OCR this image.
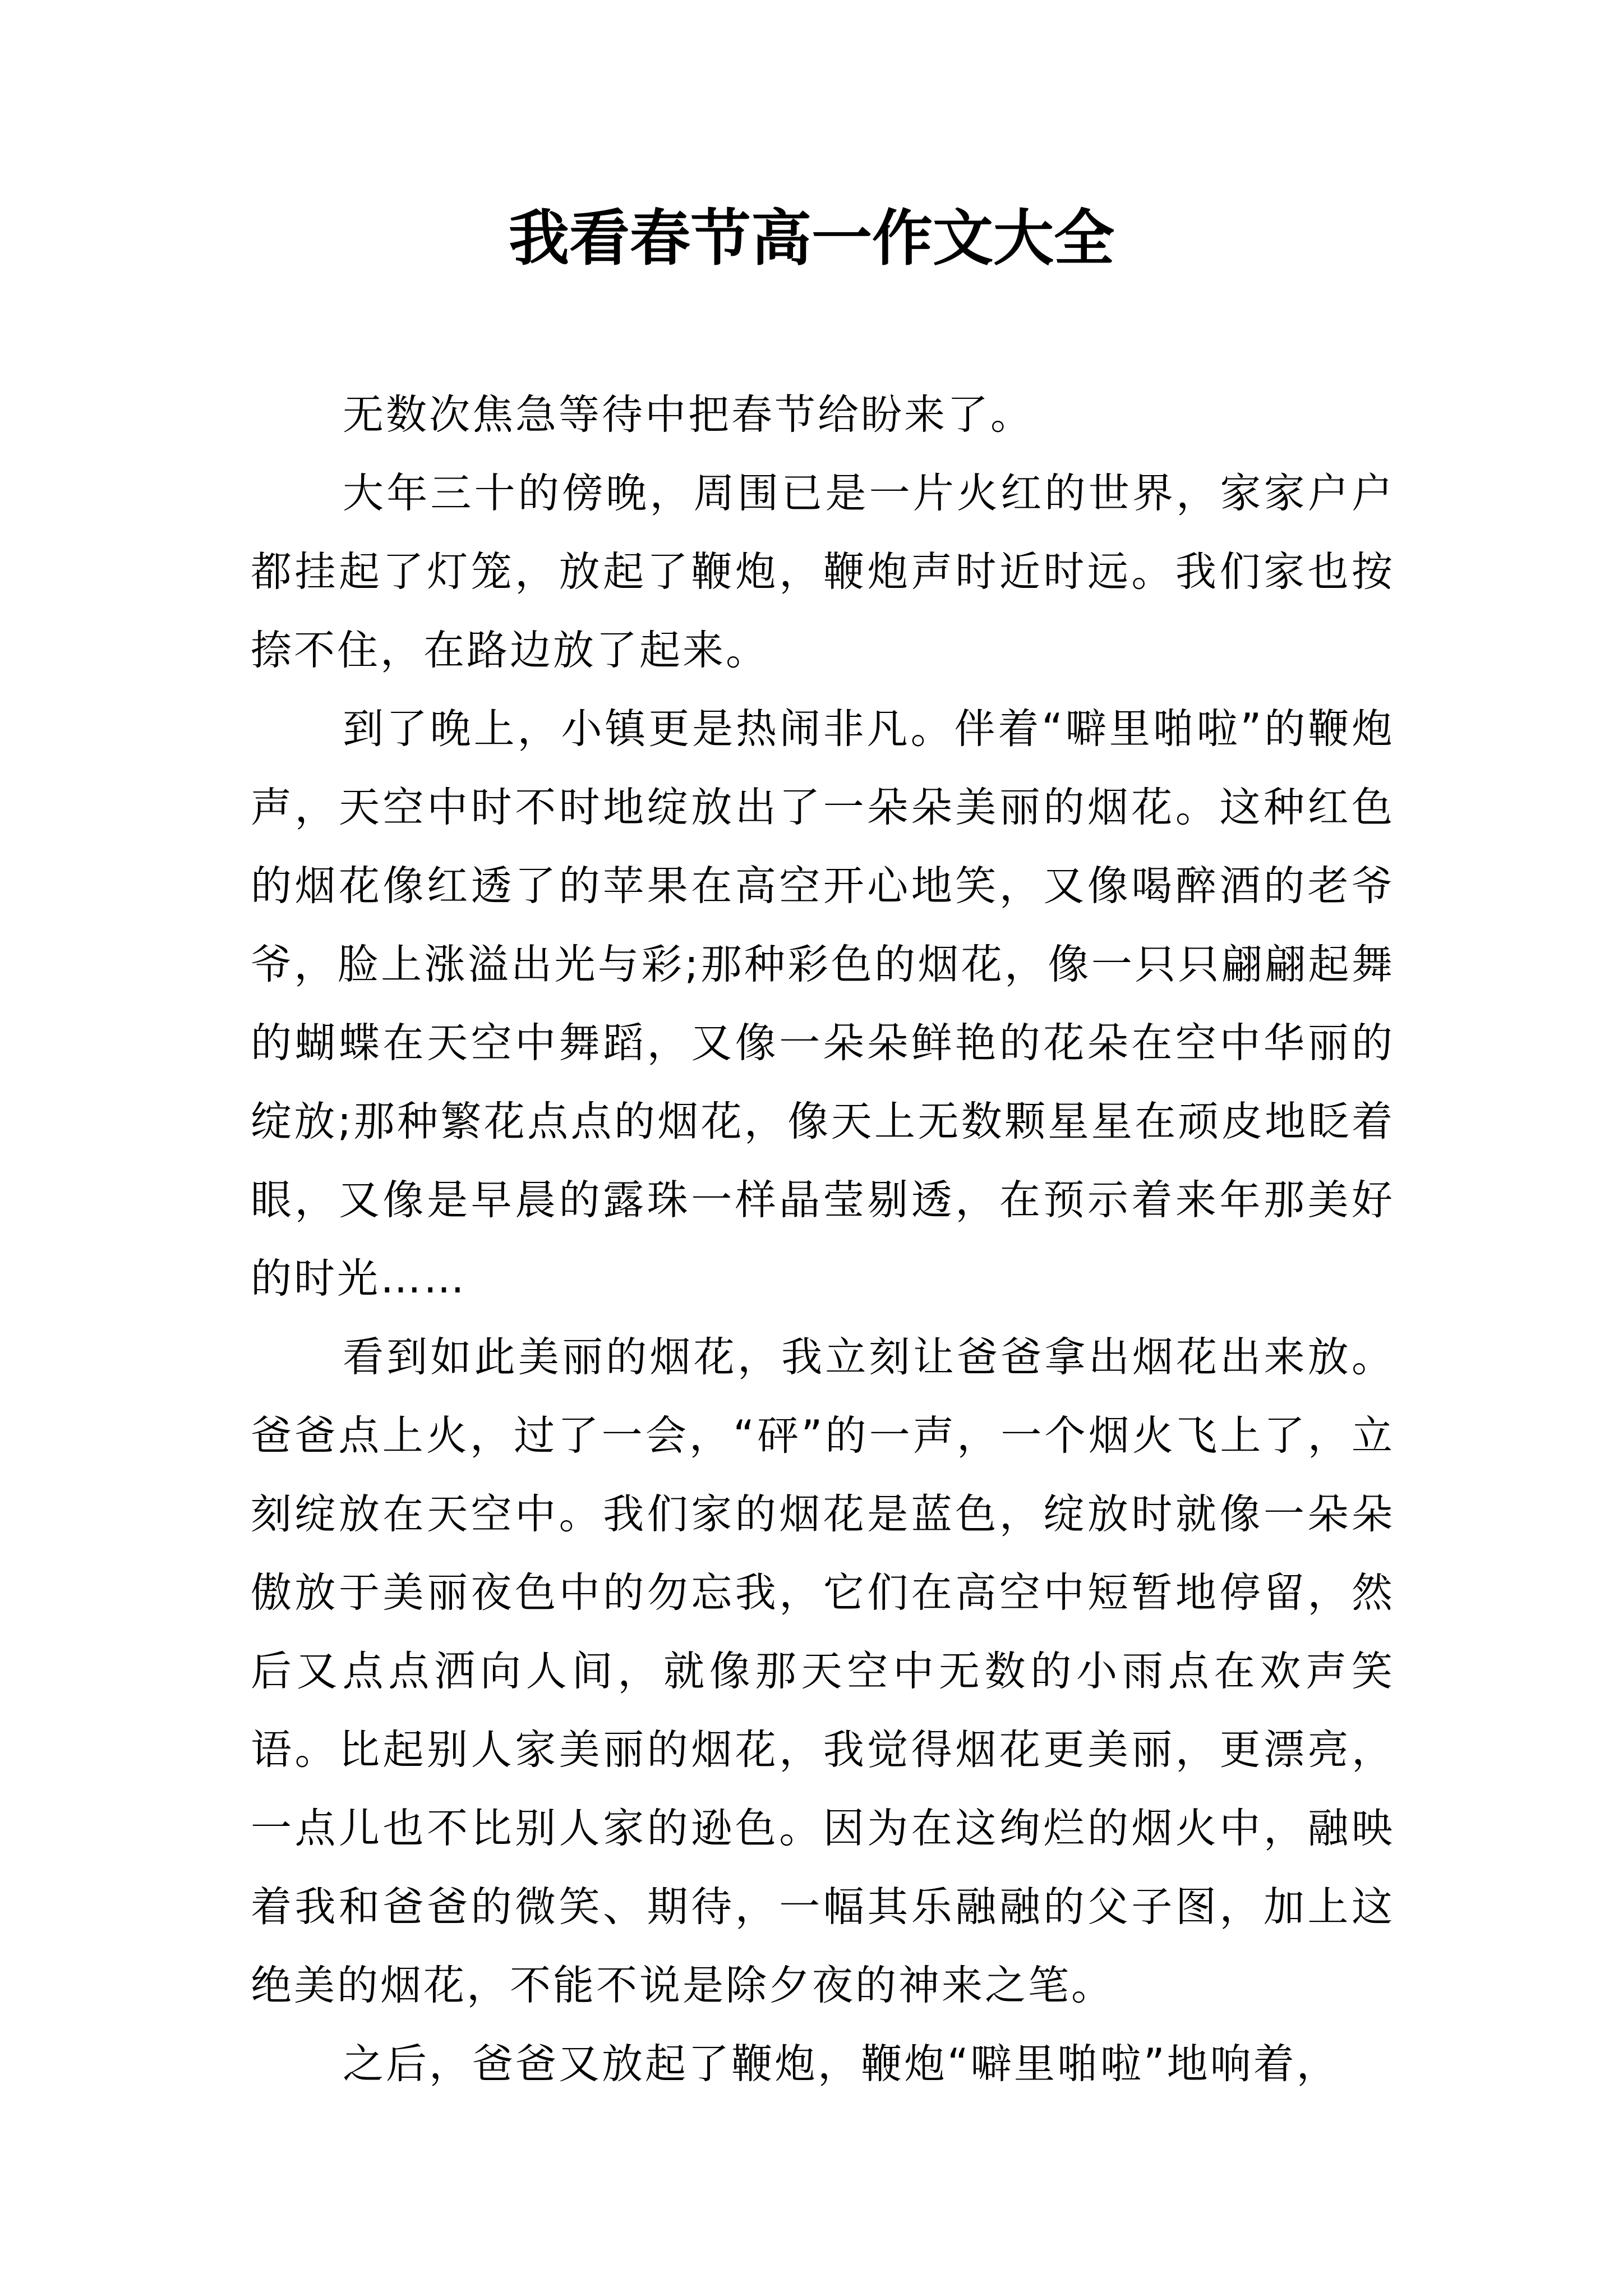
我看春节高一作文大全

无数次焦急等待中把春节给盼来了。

大年三十的傍晚，周围已是一片火红的世界，家家户户都挂起了灯笼，放起了鞭炮，鞭炮声时近时远。我们家也按捺不住，在路边放了起来。

到了晚上，小镇更是热闹非凡。伴着“噼里啪啦”的鞭炮声，天空中时不时地绽放出了一朵朵美丽的烟花。这种红色的烟花像红透了的苹果在高空开心地笑，又像喝醉酒的老爷爷，脸上涨溢出光与彩;那种彩色的烟花，像一只只翩翩起舞的蝴蝶在天空中舞蹈，又像一朵朵鲜艳的花朵在空中华丽的绽放;那种繁花点点的烟花，像天上无数颗星星在顽皮地眨着眼，又像是早晨的露珠一样晶莹剔透，在预示着来年那美好的时光……

看到如此美丽的烟花，我立刻让爸爸拿出烟花出来放。爸爸点上火，过了一会，“砰”的一声，一个烟火飞上了，立刻绽放在天空中。我们家的烟花是蓝色，绽放时就像一朵朵傲放于美丽夜色中的勿忘我，它们在高空中短暂地停留，然后又点点洒向人间，就像那天空中无数的小雨点在欢声笑语。比起别人家美丽的烟花，我觉得烟花更美丽，更漂亮，一点儿也不比别人家的逊色。因为在这绚烂的烟火中，融映着我和爸爸的微笑、期待，一幅其乐融融的父子图，加上这绝美的烟花，不能不说是除夕夜的神来之笔。

之后，爸爸又放起了鞭炮，鞭炮“噼里啪啦”地响着，
